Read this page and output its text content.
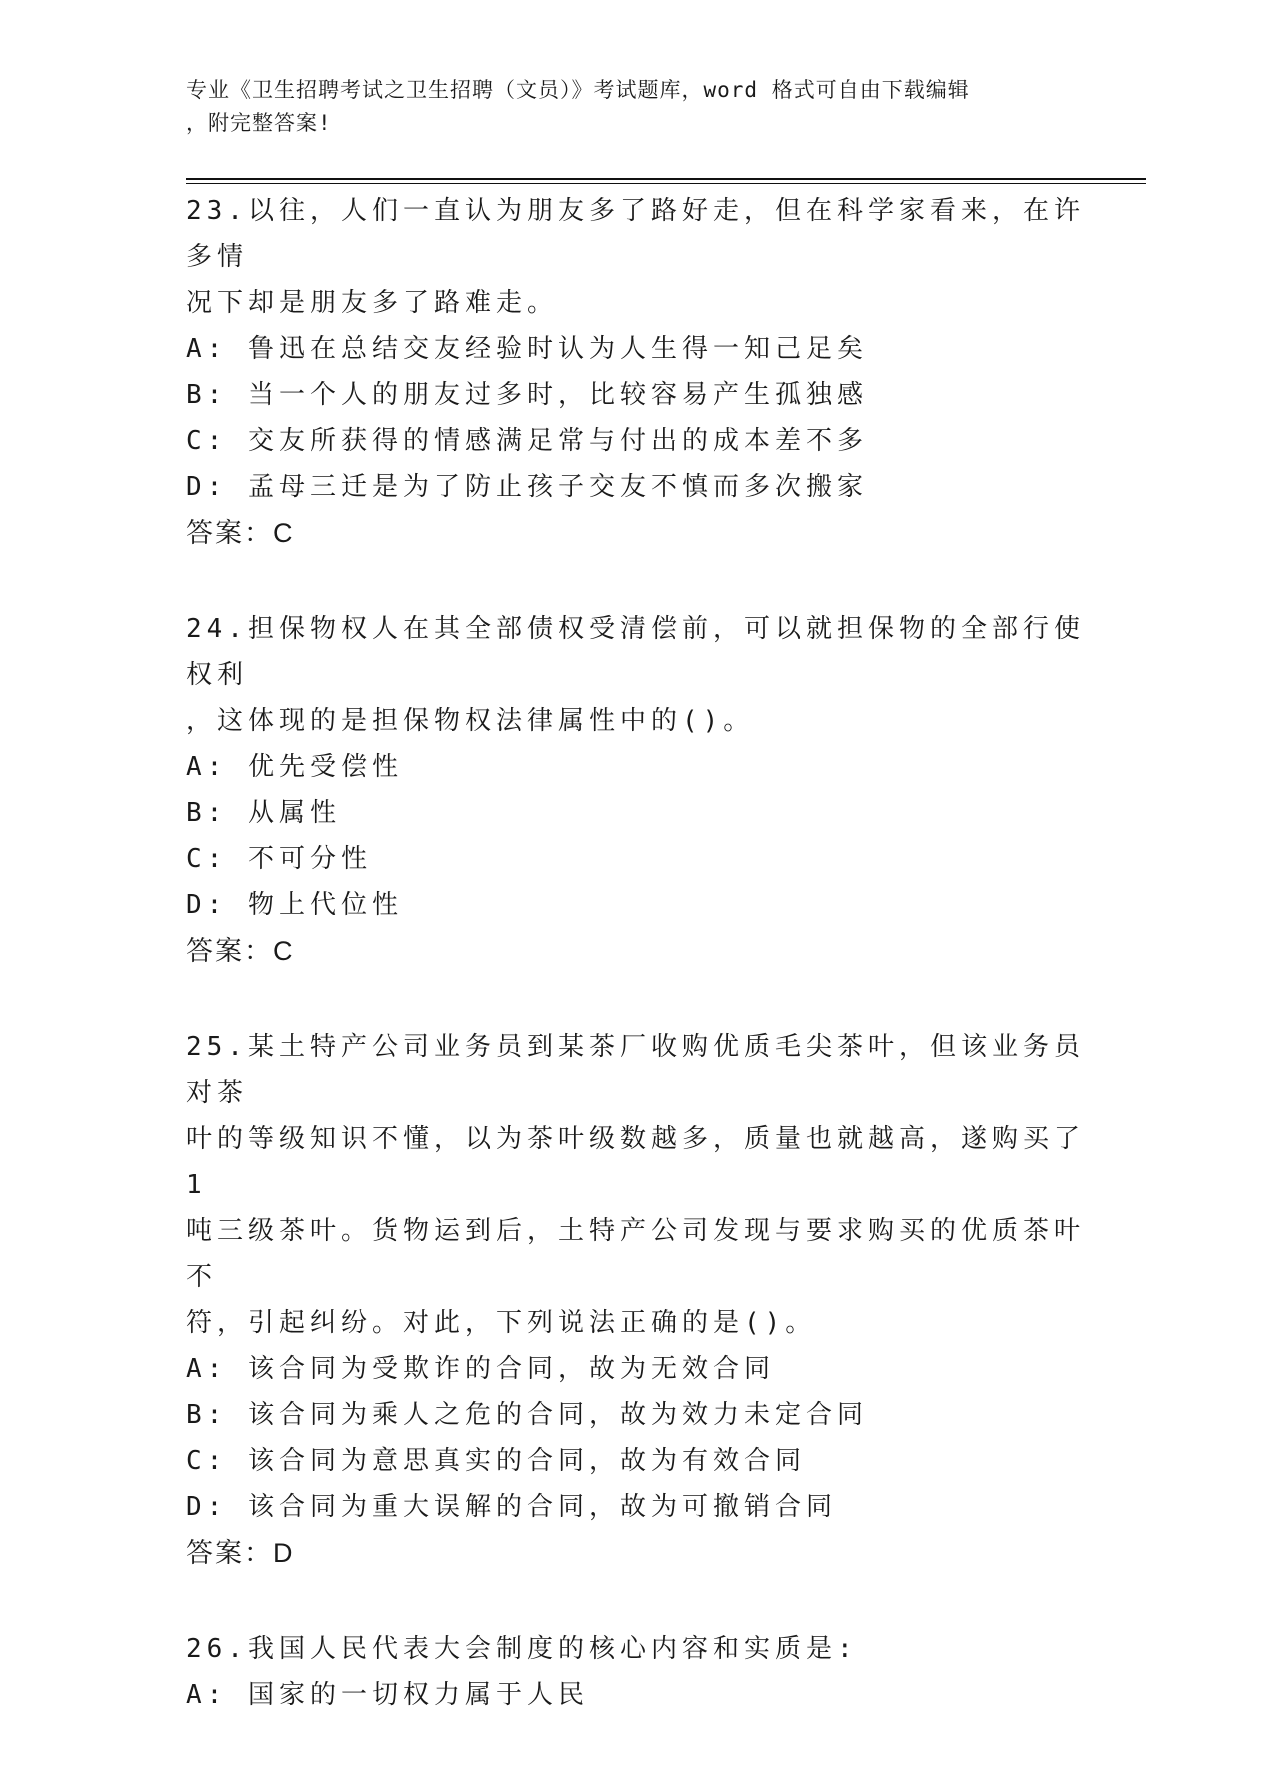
专业《卫生招聘考试之卫生招聘（文员）》考试题库，word 格式可自由下载编辑
，附完整答案!

23.以往，人们一直认为朋友多了路好走，但在科学家看来，在许多情

况下却是朋友多了路难走。

A: 鲁迅在总结交友经验时认为人生得一知己足矣

B: 当一个人的朋友过多时，比较容易产生孤独感

C: 交友所获得的情感满足常与付出的成本差不多

D: 孟母三迁是为了防止孩子交友不慎而多次搬家

答案：C

24.担保物权人在其全部债权受清偿前，可以就担保物的全部行使权利

，这体现的是担保物权法律属性中的()。

A: 优先受偿性

B: 从属性

C: 不可分性

D: 物上代位性

答案：C

25.某土特产公司业务员到某茶厂收购优质毛尖茶叶，但该业务员对茶

叶的等级知识不懂，以为茶叶级数越多，质量也就越高，遂购买了 1

吨三级茶叶。货物运到后，土特产公司发现与要求购买的优质茶叶不

符，引起纠纷。对此，下列说法正确的是()。

A: 该合同为受欺诈的合同，故为无效合同

B: 该合同为乘人之危的合同，故为效力未定合同

C: 该合同为意思真实的合同，故为有效合同

D: 该合同为重大误解的合同，故为可撤销合同

答案：D

26.我国人民代表大会制度的核心内容和实质是:

A: 国家的一切权力属于人民
